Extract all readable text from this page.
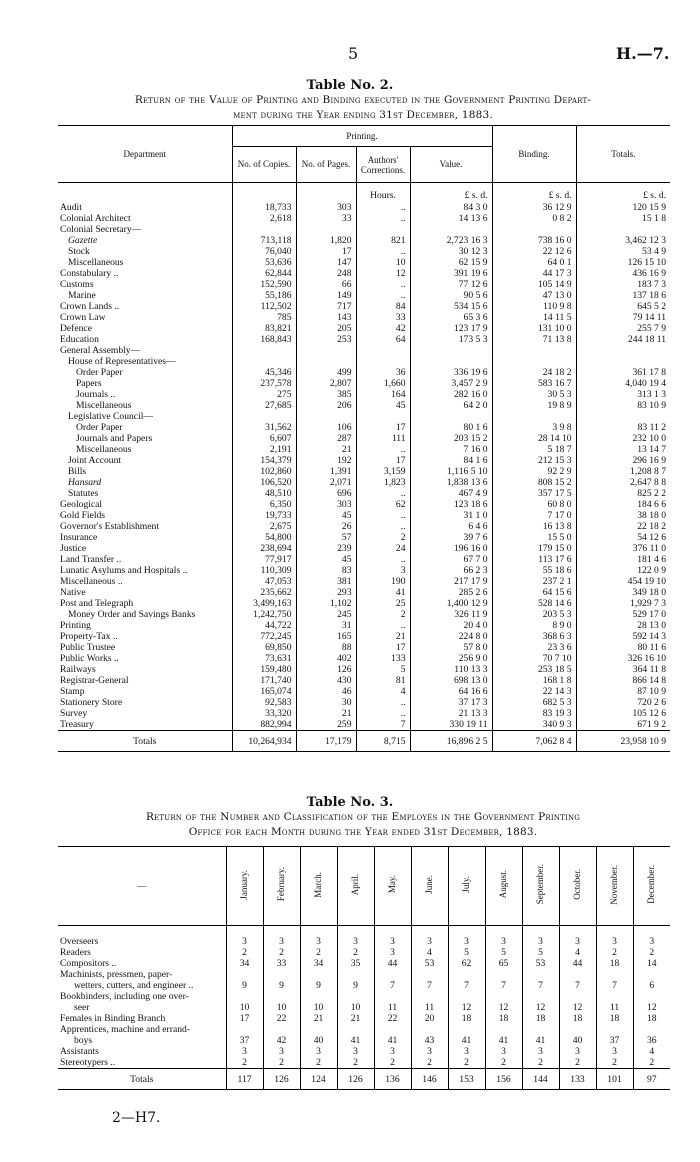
5	H.—7.
Table No. 2.
Return of the Value of Printing and Binding executed in the Government Printing Depart-
ment during the Year ending 31st December, 1883.
Department	Printing.				Binding.	Totals.
	No. of Copies.	No. of Pages.	Authors' Corrections.	Value.		
			Hours.	£ s. d.	£ s. d.	£ s. d.
Audit	18,733	303	..	84 3 0	36 12 9	120 15 9
Colonial Architect	2,618	33	..	14 13 6	0 8 2	15 1 8
Colonial Secretary—						
Gazette	713,118	1,820	821	2,723 16 3	738 16 0	3,462 12 3
Stock	76,040	17	..	30 12 3	22 12 6	53 4 9
Miscellaneous	53,636	147	10	62 15 9	64 0 1	126 15 10
Constabulary ..	62,844	248	12	391 19 6	44 17 3	436 16 9
Customs	152,590	66	..	77 12 6	105 14 9	183 7 3
Marine	55,186	149	..	90 5 6	47 13 0	137 18 6
Crown Lands ..	112,502	717	84	534 15 6	110 9 8	645 5 2
Crown Law	785	143	33	65 3 6	14 11 5	79 14 11
Defence	83,821	205	42	123 17 9	131 10 0	255 7 9
Education	168,843	253	64	173 5 3	71 13 8	244 18 11
General Assembly—						
House of Representatives—						
Order Paper	45,346	499	36	336 19 6	24 18 2	361 17 8
Papers	237,578	2,807	1,660	3,457 2 9	583 16 7	4,040 19 4
Journals ..	275	385	164	282 16 0	30 5 3	313 1 3
Miscellaneous	27,685	206	45	64 2 0	19 8 9	83 10 9
Legislative Council—						
Order Paper	31,562	106	17	80 1 6	3 9 8	83 11 2
Journals and Papers	6,607	287	111	203 15 2	28 14 10	232 10 0
Miscellaneous	2,191	21	..	7 16 0	5 18 7	13 14 7
Joint Account	154,379	192	17	84 1 6	212 15 3	296 16 9
Bills	102,860	1,391	3,159	1,116 5 10	92 2 9	1,208 8 7
Hansard	106,520	2,071	1,823	1,838 13 6	808 15 2	2,647 8 8
Statutes	48,510	696	..	467 4 9	357 17 5	825 2 2
Geological	6,350	303	62	123 18 6	60 8 0	184 6 6
Gold Fields	19,733	45	..	31 1 0	7 17 0	38 18 0
Governor's Establishment	2,675	26	..	6 4 6	16 13 8	22 18 2
Insurance	54,800	57	2	39 7 6	15 5 0	54 12 6
Justice	238,694	239	24	196 16 0	179 15 0	376 11 0
Land Transfer ..	77,917	45	..	67 7 0	113 17 6	181 4 6
Lunatic Asylums and Hospitals ..	110,309	83	3	66 2 3	55 18 6	122 0 9
Miscellaneous ..	47,053	381	190	217 17 9	237 2 1	454 19 10
Native	235,662	293	41	285 2 6	64 15 6	349 18 0
Post and Telegraph	3,499,163	1,102	25	1,400 12 9	528 14 6	1,929 7 3
Money Order and Savings Banks	1,242,750	245	2	326 11 9	203 5 3	529 17 0
Printing	44,722	31	..	20 4 0	8 9 0	28 13 0
Property-Tax ..	772,245	165	21	224 8 0	368 6 3	592 14 3
Public Trustee	69,850	88	17	57 8 0	23 3 6	80 11 6
Public Works ..	73,631	402	133	256 9 0	70 7 10	326 16 10
Railways	159,480	126	5	110 13 3	253 18 5	364 11 8
Registrar-General	171,740	430	81	698 13 0	168 1 8	866 14 8
Stamp	165,074	46	4	64 16 6	22 14 3	87 10 9
Stationery Store	92,583	30	..	37 17 3	682 5 3	720 2 6
Survey	33,320	21	..	21 13 3	83 19 3	105 12 6
Treasury	882,994	259	7	330 19 11	340 9 3	671 9 2
Totals	10,264,934	17,179	8,715	16,896 2 5	7,062 8 4	23,958 10 9
Table No. 3.
Return of the Number and Classification of the Employés in the Government Printing
Office for each Month during the Year ended 31st December, 1883.
—	January.	February.	March.	April.	May.	June.	July.	August.	September.	October.	November.	December.

Overseers	3	3	3	3	3	3	3	3	3	3	3	3

Readers	2	2	2	2	3	4	5	5	5	4	2	2

Compositors ..	34	33	34	35	44	53	62	65	53	44	18	14

Machinists, pressmen, paper-
wetters, cutters, and engineer ..	9	9	9	9	7	7	7	7	7	7	7	6

Bookbinders, including one over-
seer	10	10	10	10	11	11	12	12	12	12	11	12

Females in Binding Branch	17	22	21	21	22	20	18	18	18	18	18	18

Apprentices, machine and errand-
boys	37	42	40	41	41	43	41	41	41	40	37	36

Assistants	3	3	3	3	3	3	3	3	3	3	3	4

Stereotypers ..	2	2	2	2	2	2	2	2	2	2	2	2
Totals	117	126	124	126	136	146	153	156	144	133	101	97
2—H7.
